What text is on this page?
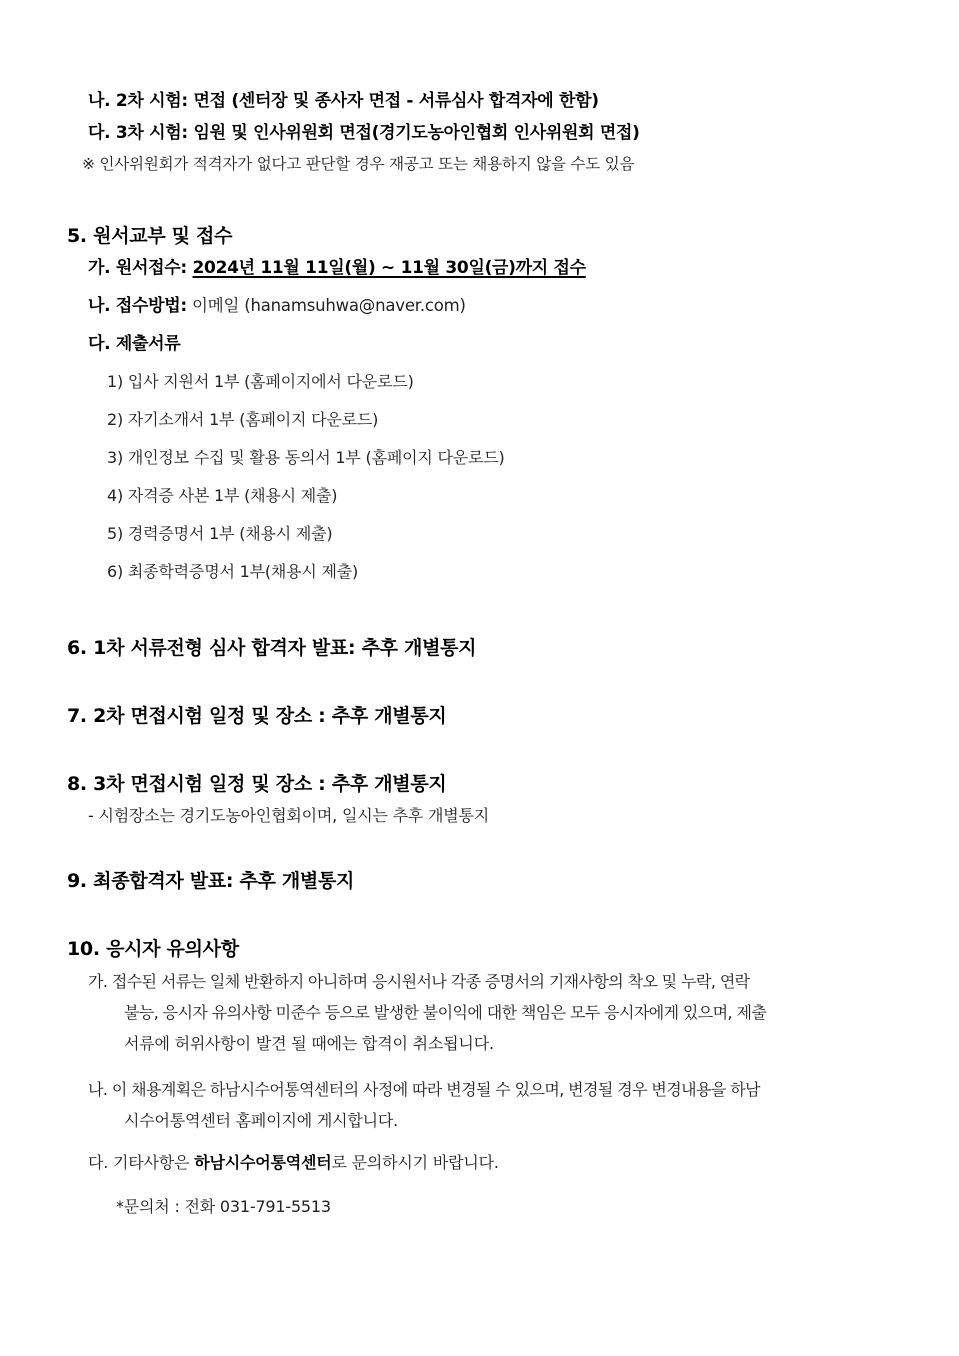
나. 2차 시험: 면접 (센터장 및 종사자 면접 - 서류심사 합격자에 한함)
다. 3차 시험: 임원 및 인사위원회 면접(경기도농아인협회 인사위원회 면접)
※ 인사위원회가 적격자가 없다고 판단할 경우 재공고 또는 채용하지 않을 수도 있음
5. 원서교부 및 접수
가. 원서접수: 2024년 11월 11일(월) ~ 11월 30일(금)까지 접수
나. 접수방법: 이메일 (hanamsuhwa@naver.com)
다. 제출서류
1) 입사 지원서 1부 (홈페이지에서 다운로드)
2) 자기소개서 1부 (홈페이지 다운로드)
3) 개인정보 수집 및 활용 동의서 1부 (홈페이지 다운로드)
4) 자격증 사본 1부 (채용시 제출)
5) 경력증명서 1부 (채용시 제출)
6) 최종학력증명서 1부(채용시 제출)
6. 1차 서류전형 심사 합격자 발표: 추후 개별통지
7. 2차 면접시험 일정 및 장소 : 추후 개별통지
8. 3차 면접시험 일정 및 장소 : 추후 개별통지
- 시험장소는 경기도농아인협회이며, 일시는 추후 개별통지
9. 최종합격자 발표: 추후 개별통지
10. 응시자 유의사항
가. 접수된 서류는 일체 반환하지 아니하며 응시원서나 각종 증명서의 기재사항의 착오 및 누락, 연락
불능, 응시자 유의사항 미준수 등으로 발생한 불이익에 대한 책임은 모두 응시자에게 있으며, 제출
서류에 허위사항이 발견 될 때에는 합격이 취소됩니다.
나. 이 채용계획은 하남시수어통역센터의 사정에 따라 변경될 수 있으며, 변경될 경우 변경내용을 하남
시수어통역센터 홈페이지에 게시합니다.
다. 기타사항은 하남시수어통역센터로 문의하시기 바랍니다.
*문의처 : 전화 031-791-5513
